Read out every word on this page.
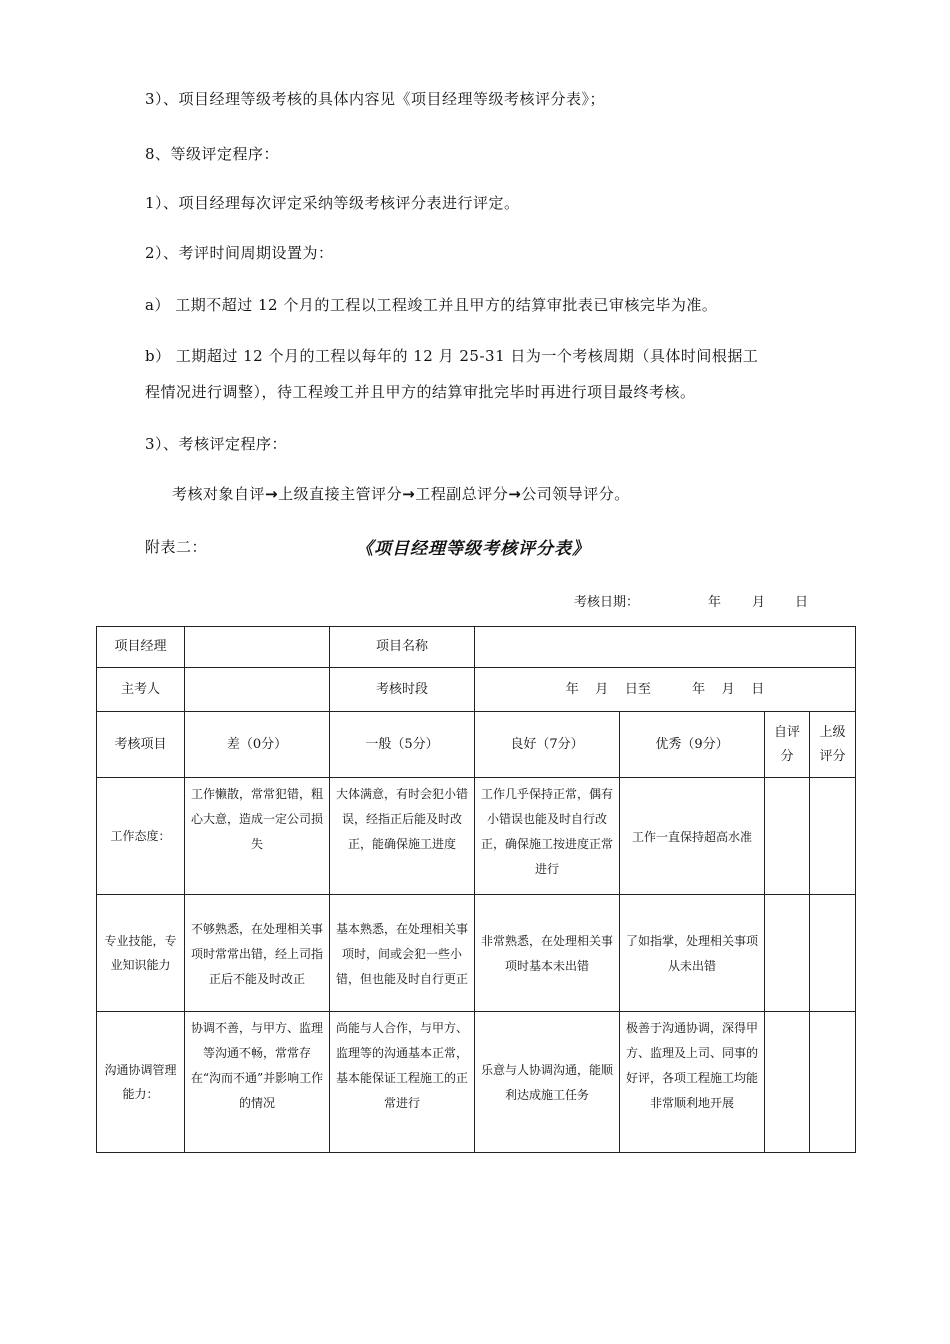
3）、项目经理等级考核的具体内容见《项目经理等级考核评分表》；
8、等级评定程序：
1）、项目经理每次评定采纳等级考核评分表进行评定。
2）、考评时间周期设置为：
a） 工期不超过 12 个月的工程以工程竣工并且甲方的结算审批表已审核完毕为准。
b） 工期超过 12 个月的工程以每年的 12 月 25-31 日为一个考核周期（具体时间根据工
程情况进行调整），待工程竣工并且甲方的结算审批完毕时再进行项目最终考核。
3）、考核评定程序：
考核对象自评→上级直接主管评分→工程副总评分→公司领导评分。
附表二：	《项目经理等级考核评分表》
考核日期：	年 月 日
项目经理		项目名称				
主考人		考核时段	年    月    日至          年    月    日			
考核项目	差（0分）	一般（5分）	良好（7分）	优秀（9分）	自评分	上级评分
工作态度：	工作懒散，常常犯错，粗心大意，造成一定公司损失	大体满意，有时会犯小错误，经指正后能及时改正，能确保施工进度	工作几乎保持正常，偶有小错误也能及时自行改正，确保施工按进度正常进行	工作一直保持超高水准		
专业技能，专业知识能力	不够熟悉，在处理相关事项时常常出错，经上司指正后不能及时改正	基本熟悉，在处理相关事项时，间或会犯一些小错，但也能及时自行更正	非常熟悉，在处理相关事项时基本未出错	了如指掌，处理相关事项从未出错		
沟通协调管理能力：	协调不善，与甲方、监理等沟通不畅，常常存在“沟而不通”并影响工作的情况	尚能与人合作，与甲方、监理等的沟通基本正常，基本能保证工程施工的正常进行	乐意与人协调沟通，能顺利达成施工任务	极善于沟通协调，深得甲方、监理及上司、同事的好评，各项工程施工均能非常顺利地开展		
